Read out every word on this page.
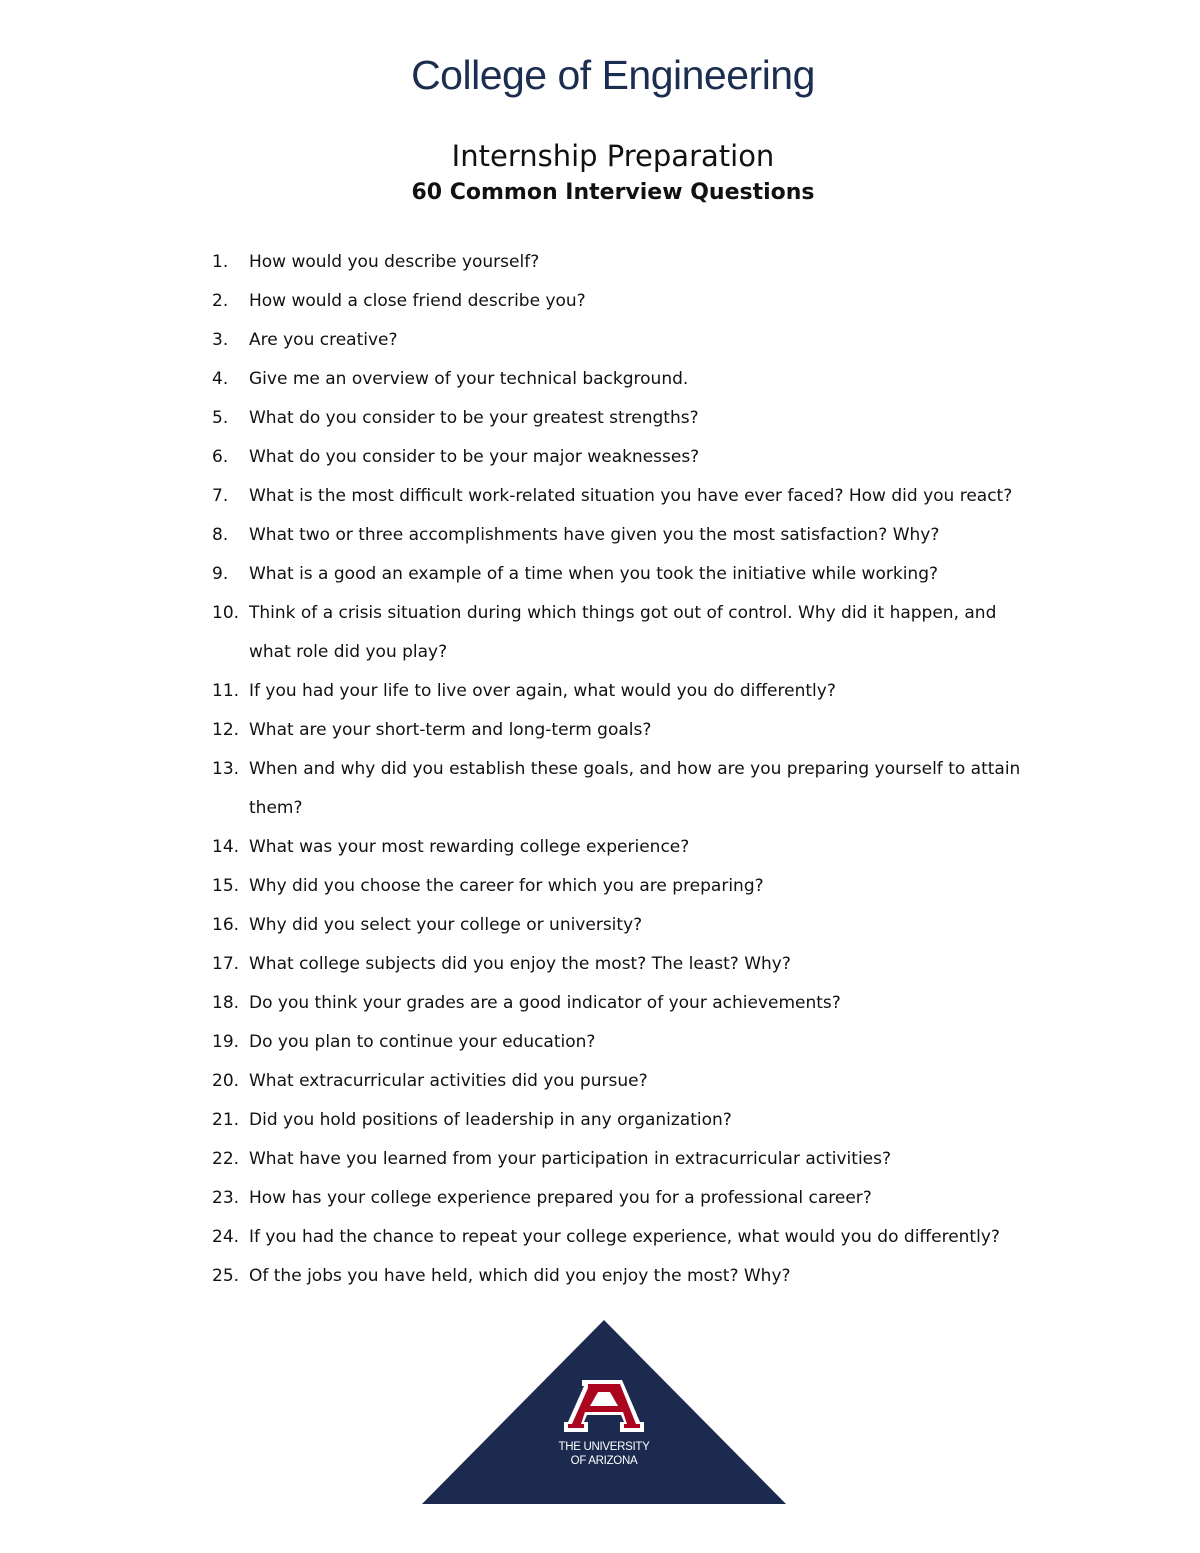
College of Engineering
Internship Preparation
60 Common Interview Questions
1. How would you describe yourself?
2. How would a close friend describe you?
3. Are you creative?
4. Give me an overview of your technical background.
5. What do you consider to be your greatest strengths?
6. What do you consider to be your major weaknesses?
7. What is the most difficult work-related situation you have ever faced? How did you react?
8. What two or three accomplishments have given you the most satisfaction? Why?
9. What is a good an example of a time when you took the initiative while working?
10. Think of a crisis situation during which things got out of control. Why did it happen, and what role did you play?
11. If you had your life to live over again, what would you do differently?
12. What are your short-term and long-term goals?
13. When and why did you establish these goals, and how are you preparing yourself to attain them?
14. What was your most rewarding college experience?
15. Why did you choose the career for which you are preparing?
16. Why did you select your college or university?
17. What college subjects did you enjoy the most? The least? Why?
18. Do you think your grades are a good indicator of your achievements?
19. Do you plan to continue your education?
20. What extracurricular activities did you pursue?
21. Did you hold positions of leadership in any organization?
22. What have you learned from your participation in extracurricular activities?
23. How has your college experience prepared you for a professional career?
24. If you had the chance to repeat your college experience, what would you do differently?
25. Of the jobs you have held, which did you enjoy the most? Why?
THE UNIVERSITY
OF ARIZONA
